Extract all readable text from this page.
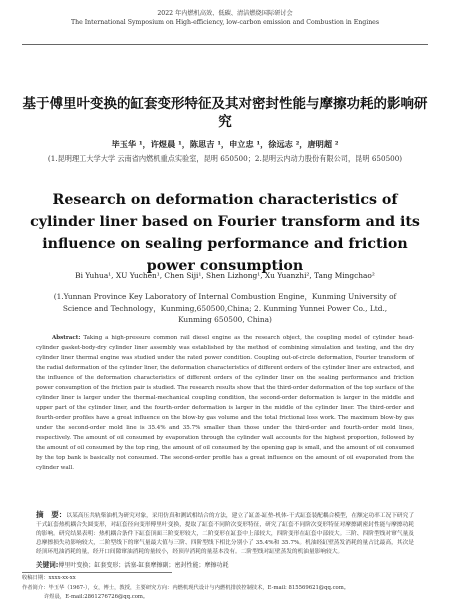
2022 年内燃机高效、低碳、清洁燃烧国际研讨会
The International Symposium on High-efficiency, low-carbon emission and Combustion in Engines
基于傅里叶变换的缸套变形特征及其对密封性能与摩擦功耗的影响研究
毕玉华 ¹，许煜晨 ¹，陈思吉 ¹，申立忠 ¹，徐远志 ²，唐明超 ²
(1.昆明理工大学大学 云南省内燃机重点实验室，昆明 650500；2.昆明云内动力股份有限公司，昆明 650500)
Research on deformation characteristics of cylinder liner based on Fourier transform and its influence on sealing performance and friction power consumption
Bi Yuhua¹, XU Yuchen¹, Chen Siji¹, Shen Lizhong¹, Xu Yuanzhi², Tang Mingchao²
(1.Yunnan Province Key Laboratory of Internal Combustion Engine，Kunming University of Science and Technology，Kunming,650500,China; 2. Kunming Yunnei Power Co., Ltd., Kunming 650500, China)
Abstract: Taking a high-pressure common rail diesel engine as the research object, the coupling model of cylinder head-cylinder gasket-body-dry cylinder liner assembly was established by the method of combining simulation and testing, and the dry cylinder liner thermal engine was studied under the rated power condition. Coupling out-of-circle deformation, Fourier transform of the radial deformation of the cylinder liner, the deformation characteristics of different orders of the cylinder liner are extracted, and the influence of the deformation characteristics of different orders of the cylinder liner on the sealing performance and friction power consumption of the friction pair is studied. The research results show that the third-order deformation of the top surface of the cylinder liner is larger under the thermal-mechanical coupling condition, the second-order deformation is larger in the middle and upper part of the cylinder liner, and the fourth-order deformation is larger in the middle of the cylinder liner. The third-order and fourth-order profiles have a great influence on the blow-by gas volume and the total frictional loss work. The maximum blow-by gas under the second-order mold line is 35.4% and 35.7% smaller than those under the third-order and fourth-order mold lines, respectively. The amount of oil consumed by evaporation through the cylinder wall accounts for the highest proportion, followed by the amount of oil consumed by the top ring, the amount of oil consumed by the opening gap is small, and the amount of oil consumed by the top bank is basically not consumed. The second-order profile has a great influence on the amount of oil evaporated from the cylinder wall.
摘　要：以某高压共轨柴油机为研究对象，采用仿真和测试相结合的方法，建立了缸盖-缸垫-机体-干式缸套装配耦合模型，在额定功率工况下研究了干式缸套热机耦合失圆变形，对缸套径向变形傅里叶变换，提取了缸套不同阶次变形特征，研究了缸套不同阶次变形特征对摩擦副密封性能与摩擦功耗的影响。研究结果表明：热机耦合条件下缸套顶面三阶变形较大，二阶变形在缸套中上部较大，四阶变形在缸套中部较大。三阶、四阶型线对窜气量及总摩擦损失功影响较大，二阶型线下的窜气量最大值与三阶、四阶型线下相比分别小了 35.4%和 35.7%。机油经缸壁蒸发消耗的量占比最高，其次是经顶环甩油消耗的量，经开口间隙窜油消耗的量较小，经顶岸消耗的量基本没有。二阶型线对缸壁蒸发的机油量影响较大。
关键词:傅里叶变换；缸套变形；活塞-缸套摩擦副；密封性能；摩擦功耗
收稿日期：xxxx-xx-xx
作者简介：毕玉华（1967-），女，博士，教授，主要研究方向：内燃机现代设计与内燃机排放控制技术，E-mail: 815569621@qq.com。
许煜晨，E-mail:2861276726@qq.com。
